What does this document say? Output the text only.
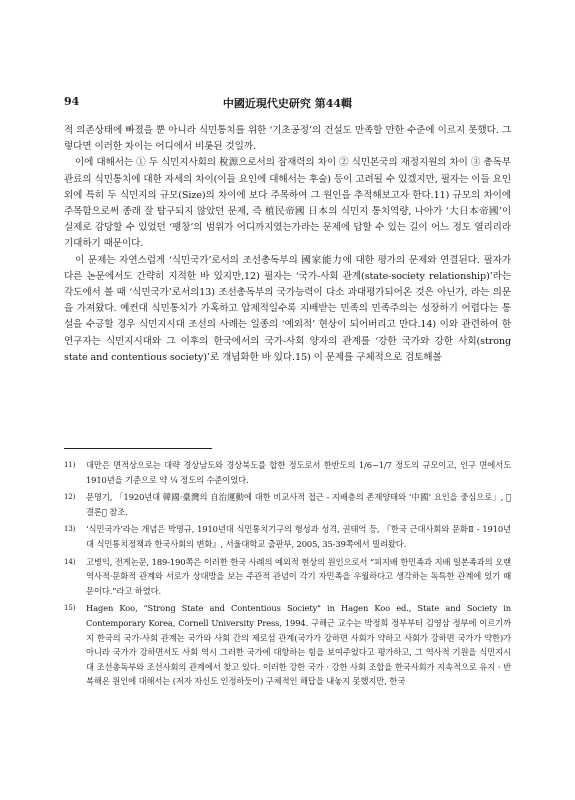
94	中國近現代史研究 第44輯

적 의존상태에 빠졌을 뿐 아니라 식민통치를 위한 ‘기초공정’의 건설도 만족할 만한 수준에 이르지 못했다. 그렇다면 이러한 차이는 어디에서 비롯된 것일까.

이에 대해서는 ① 두 식민지사회의 稅源으로서의 잠재력의 차이 ② 식민본국의 재정지원의 차이 ③ 총독부 관료의 식민통치에 대한 자세의 차이(이들 요인에 대해서는 후술) 등이 고려될 수 있겠지만, 필자는 이들 요인 외에 특히 두 식민지의 규모(Size)의 차이에 보다 주목하여 그 원인을 추적해보고자 한다.11) 규모의 차이에 주목함으로써 종래 잘 탐구되지 않았던 문제, 즉 植民帝國 日本의 식민지 통치역량, 나아가 ‘大日本帝國’이 실제로 감당할 수 있었던 ‘팽창’의 범위가 어디까지였는가라는 문제에 답할 수 있는 길이 어느 정도 열리리라 기대하기 때문이다.

이 문제는 자연스럽게 ‘식민국가’로서의 조선총독부의 國家能力에 대한 평가의 문제와 연결된다. 필자가 다른 논문에서도 간략히 지적한 바 있지만,12) 필자는 ‘국가-사회 관계(state-society relationship)’라는 각도에서 볼 때 ‘식민국가’로서의13) 조선총독부의 국가능력이 다소 과대평가되어온 것은 아닌가, 라는 의문을 가져왔다. 예컨대 식민통치가 가혹하고 압제적일수록 지배받는 민족의 민족주의는 성장하기 어렵다는 통설을 수긍할 경우 식민지시대 조선의 사례는 일종의 ‘예외적’ 현상이 되어버리고 만다.14) 이와 관련하여 한 연구자는 식민지시대와 그 이후의 한국에서의 국가-사회 양자의 관계를 ‘강한 국가와 강한 사회(strong state and contentious society)’로 개념화한 바 있다.15) 이 문제를 구체적으로 검토해볼

11) 대만은 면적상으로는 대략 경상남도와 경상북도를 합한 정도로서 한반도의 1/6~1/7 정도의 규모이고, 인구 면에서도 1910년을 기준으로 약 ¼ 정도의 수준이었다.
12) 문명기, 「1920년대 韓國·臺灣의 自治運動에 대한 비교사적 접근 - 지배층의 존재양태와 ‘中國’ 요인을 중심으로」, 󰡔결론󰡕 참조.
13) ‘식민국가’라는 개념은 박명규, 1910년대 식민통치기구의 형성과 성격, 권태억 등, 『한국 근대사회와 문화Ⅱ - 1910년대 식민통치정책과 한국사회의 변화』, 서울대학교 출판부, 2005, 35-39쪽에서 빌려왔다.
14) 고병익, 전게논문, 189-190쪽은 이러한 한국 사례의 예외적 현상의 원인으로서 “피지배 한민족과 지배 일본족과의 오랜 역사적·문화적 관계와 서로가 상대방을 보는 주관적 관념이 각기 자민족을 우월하다고 생각하는 독특한 관계에 있기 때문이다.”라고 하였다.
15) Hagen Koo, "Strong State and Contentious Society" in Hagen Koo ed., State and Society in Contemporary Korea, Cornell University Press, 1994. 구해근 교수는 박정희 정부부터 김영삼 정부에 이르기까지 한국의 국가-사회 관계는 국가와 사회 간의 제로섬 관계(국가가 강하면 사회가 약하고 사회가 강하면 국가가 약한)가 아니라 국가가 강하면서도 사회 역시 그러한 국가에 대항하는 힘을 보여주었다고 평가하고, 그 역사적 기원을 식민지시대 조선총독부와 조선사회의 관계에서 찾고 있다. 이러한 강한 국가 · 강한 사회 조합을 한국사회가 지속적으로 유지 · 반복해온 원인에 대해서는 (저자 자신도 인정하듯이) 구체적인 해답을 내놓지 못했지만, 한국
